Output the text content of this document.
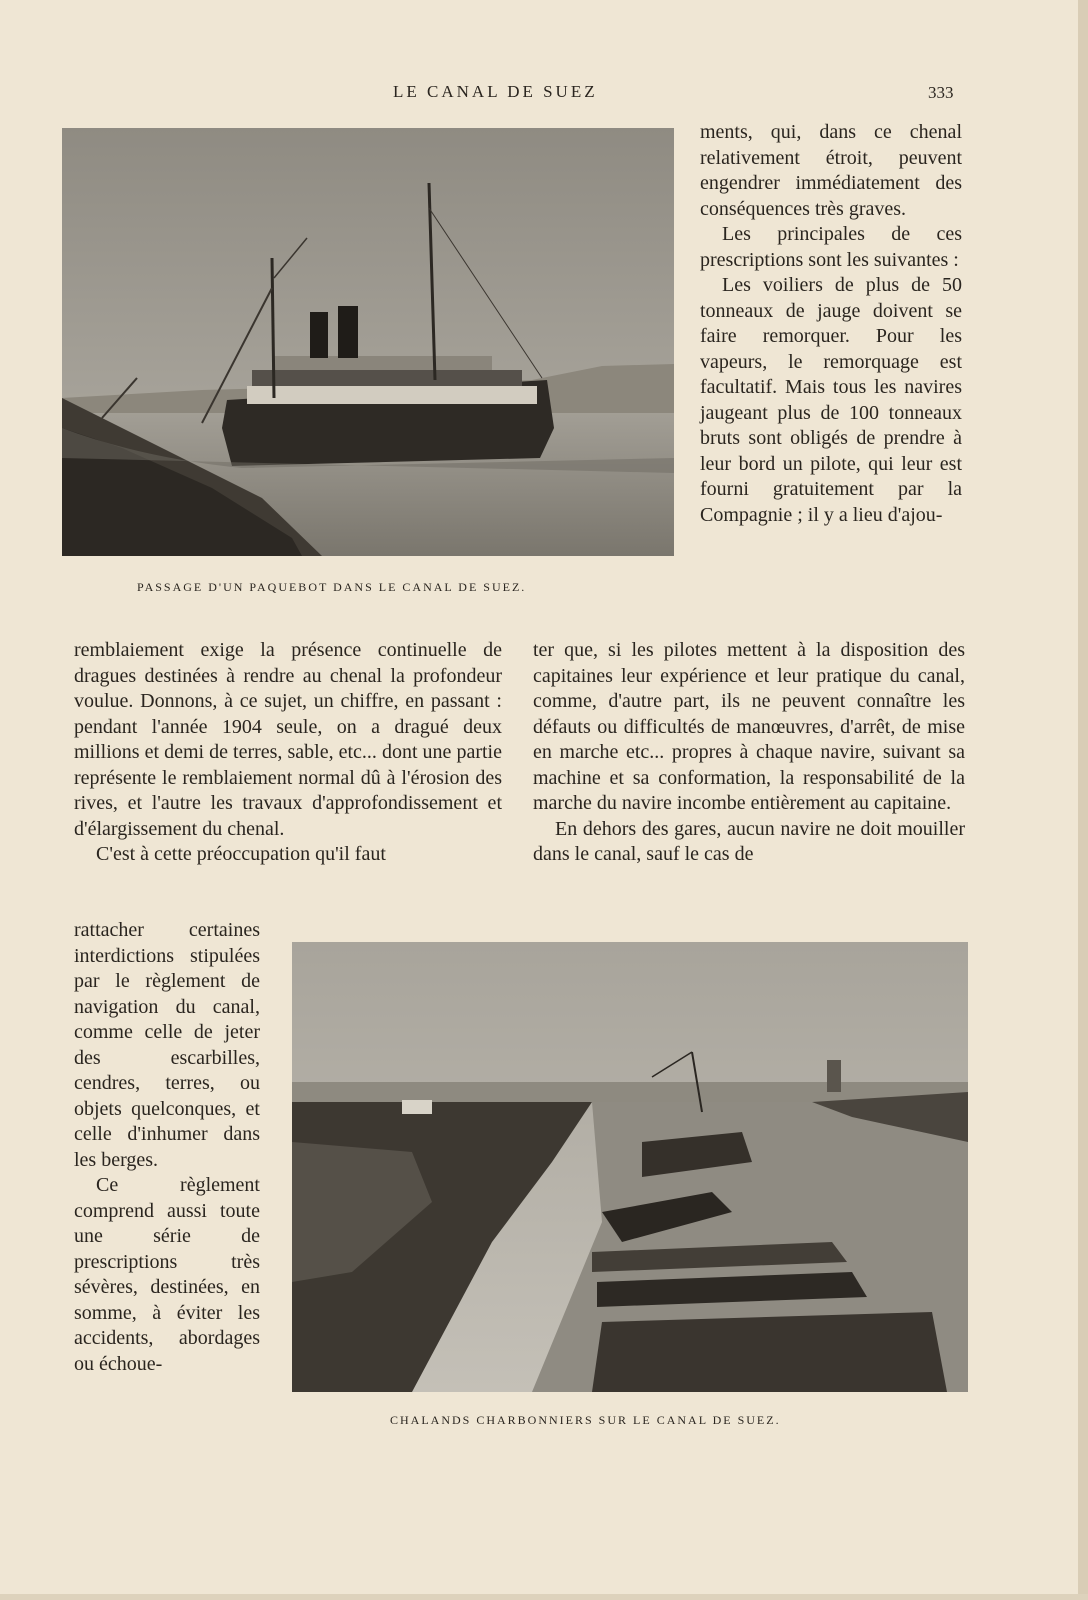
LE CANAL DE SUEZ	333
PASSAGE D'UN PAQUEBOT DANS LE CANAL DE SUEZ.

ments, qui, dans ce chenal relativement étroit, peuvent engendrer immédiatement des conséquences très graves.

Les principales de ces prescriptions sont les suivantes :

Les voiliers de plus de 50 tonneaux de jauge doivent se faire remorquer. Pour les vapeurs, le remorquage est facultatif. Mais tous les navires jaugeant plus de 100 tonneaux bruts sont obligés de prendre à leur bord un pilote, qui leur est fourni gratuitement par la Compagnie ; il y a lieu d'ajou-

remblaiement exige la présence continuelle de dragues destinées à rendre au chenal la profondeur voulue. Donnons, à ce sujet, un chiffre, en passant : pendant l'année 1904 seule, on a dragué deux millions et demi de terres, sable, etc... dont une partie représente le remblaiement normal dû à l'érosion des rives, et l'autre les travaux d'approfondissement et d'élargissement du chenal.

C'est à cette préoccupation qu'il faut

ter que, si les pilotes mettent à la disposition des capitaines leur expérience et leur pratique du canal, comme, d'autre part, ils ne peuvent connaître les défauts ou difficultés de manœuvres, d'arrêt, de mise en marche etc... propres à chaque navire, suivant sa machine et sa conformation, la responsabilité de la marche du navire incombe entièrement au capitaine.

En dehors des gares, aucun navire ne doit mouiller dans le canal, sauf le cas de

rattacher certaines interdictions stipulées par le règlement de navigation du canal, comme celle de jeter des escarbilles, cendres, terres, ou objets quelconques, et celle d'inhumer dans les berges.

Ce règlement comprend aussi toute une série de prescriptions très sévères, destinées, en somme, à éviter les accidents, abordages ou échoue-

CHALANDS CHARBONNIERS SUR LE CANAL DE SUEZ.
